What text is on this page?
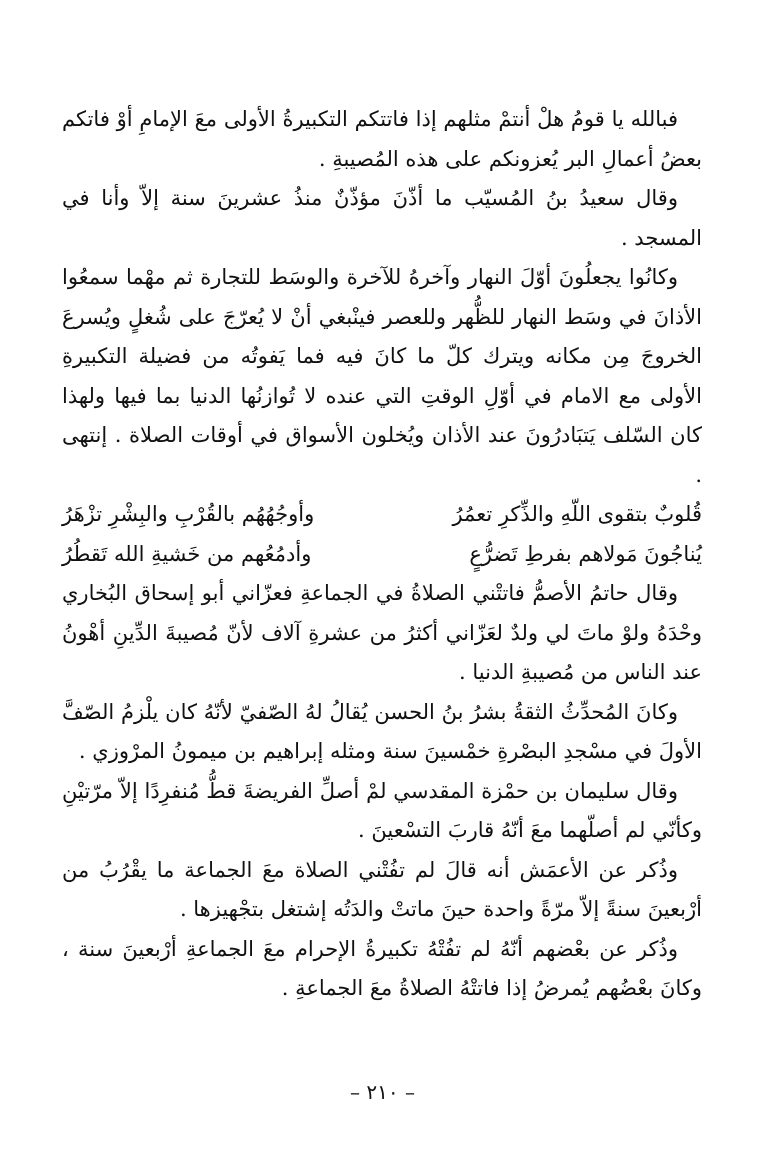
فبالله يا قومُ هلْ أنتمْ مثلهم إذا فاتتكم التكبيرةُ الأولى معَ الإمامِ أوْ فاتكم بعضُ أعمالِ البر يُعزونكم على هذه المُصيبةِ .

وقال سعيدُ بنُ المُسيّب ما أذّنَ مؤذّنٌ منذُ عشرينَ سنة إلاّ وأنا في المسجد .

وكانُوا يجعلُونَ أوّلَ النهار وآخرهُ للآخرة والوسَط للتجارة ثم مهْما سمعُوا الأذانَ في وسَط النهار للظُّهر وللعصر فينْبغي أنْ لا يُعرّجَ على شُغلٍ ويُسرعَ الخروجَ مِن مكانه ويترك كلّ ما كانَ فيه فما يَفوتُه من فضيلة التكبيرةِ الأولى مع الامام في أوّلِ الوقتِ التي عنده لا تُوازنُها الدنيا بما فيها ولهذا كان السّلف يَتبَادرُونَ عند الأذان ويُخلون الأسواق في أوقات الصلاة . إنتهى .

قُلوبٌ بتقوى اللّهِ والذِّكرِ تعمُرُ
وأوجُهُهُم بالقُرْبِ والبِشْرِ تزْهَرُ
يُناجُونَ مَولاهم بفرطِ تَضرُّعٍ
وأدمُعُهم من خَشيةِ الله تَقطُرُ

وقال حاتمُ الأصمُّ فاتتْني الصلاةُ في الجماعةِ فعزّاني أبو إسحاق البُخاري وحْدَهُ ولوْ ماتَ لي ولدٌ لعَزّاني أكثرُ من عشرةِ آلاف لأنّ مُصيبةَ الدِّينِ أهْونُ عند الناس من مُصيبةِ الدنيا .

وكانَ المُحدِّثُ الثقةُ بشرُ بنُ الحسن يُقالُ لهُ الصّفيّ لأنّهُ كان يلْزمُ الصّفَّ الأولَ في مسْجدِ البصْرةِ خمْسينَ سنة ومثله إبراهيم بن ميمونُ المرْوزي .

وقال سليمان بن حمْزة المقدسي لمْ أصلِّ الفريضةَ قطُّ مُنفرِدًا إلاّ مرّتيْنِ وكأنّي لم أصلّهما معَ أنّهُ قاربَ التسْعينَ .

وذُكر عن الأعمَش أنه قالَ لم تفُتْني الصلاة معَ الجماعة ما يقْرُبُ من أرْبعينَ سنةً إلاّ مرّةً واحدة حينَ ماتتْ والدَتُه إشتغل بتجْهيزها .

وذُكر عن بعْضهم أنّهُ لم تفُتْهُ تكبيرةُ الإحرام معَ الجماعةِ أرْبعينَ سنة ، وكانَ بعْضُهم يُمرضُ إذا فاتتْهُ الصلاةُ معَ الجماعةِ .

– ٢١٠ –
